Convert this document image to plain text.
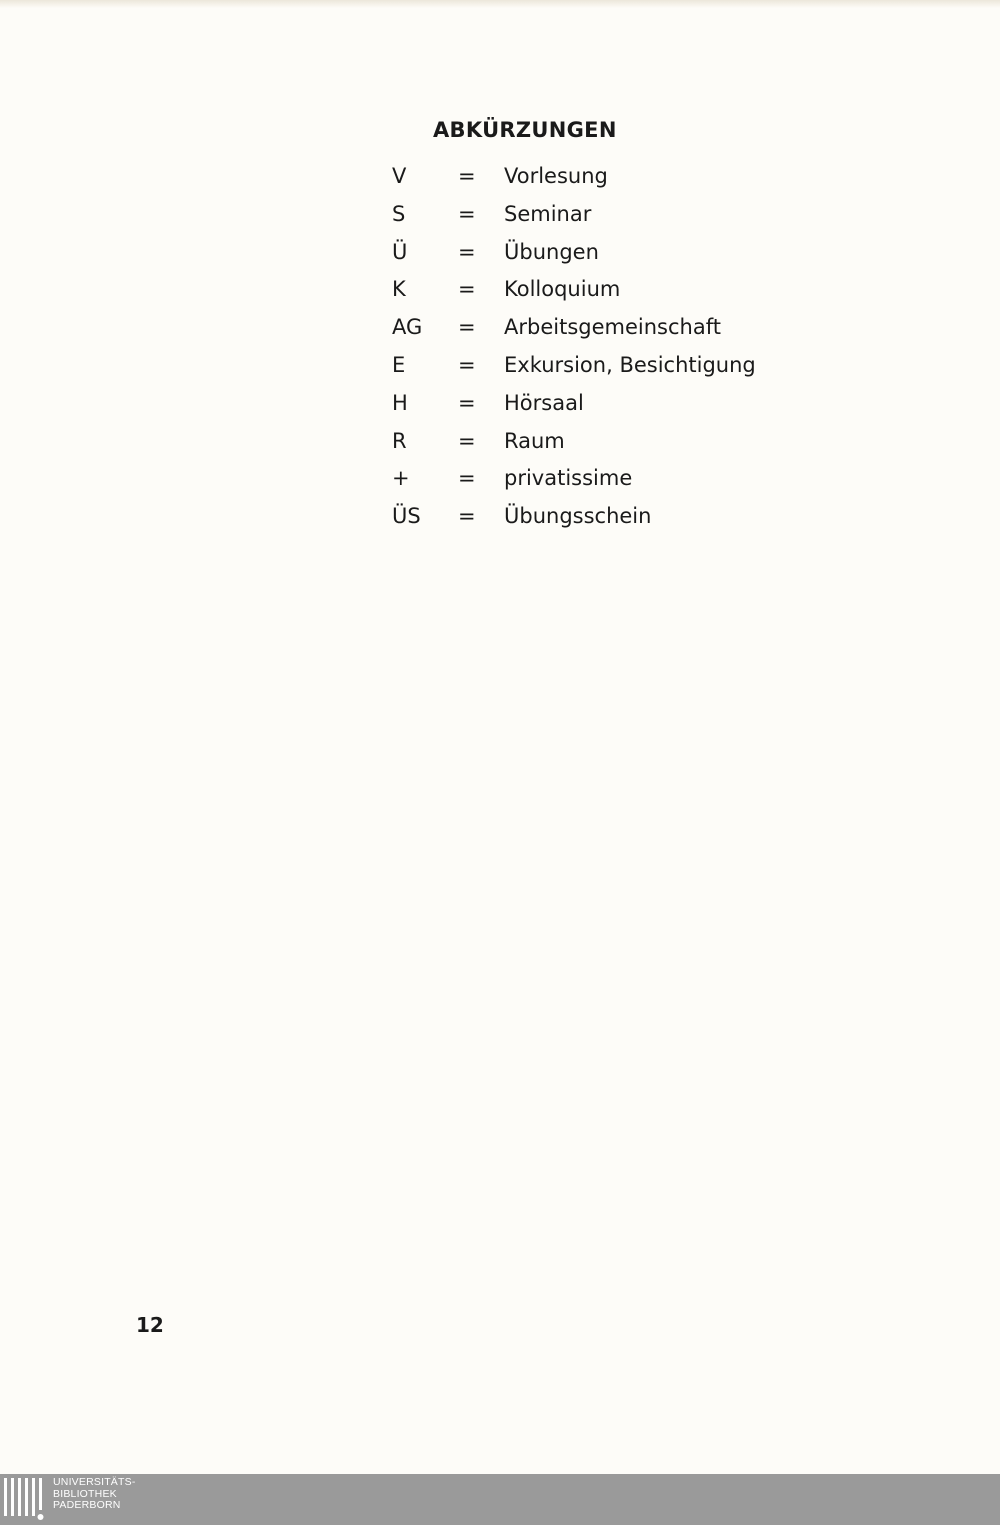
ABKÜRZUNGEN
V = Vorlesung
S	= Seminar
Ü = Übungen
K = Kolloquium
AG = Arbeitsgemeinschaft
E	= Exkursion, Besichtigung
H = Hörsaal
R = Raum
+ = privatissime
ÜS = Übungsschein
12
UNIVERSITÄTS-
BIBLIOTHEK
PADERBORN
